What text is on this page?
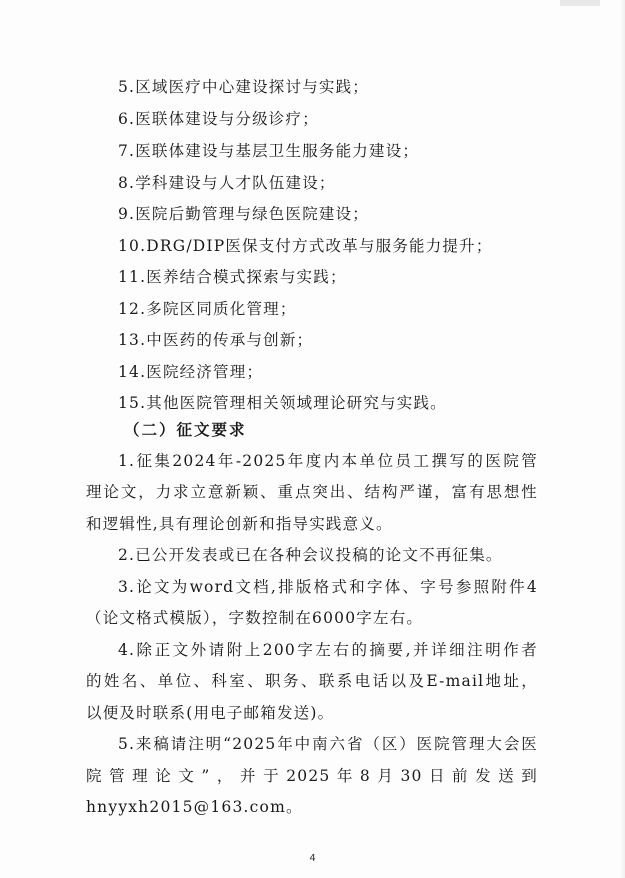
5.区域医疗中心建设探讨与实践；
6.医联体建设与分级诊疗；
7.医联体建设与基层卫生服务能力建设；
8.学科建设与人才队伍建设；
9.医院后勤管理与绿色医院建设；
10.DRG/DIP医保支付方式改革与服务能力提升；
11.医养结合模式探索与实践；
12.多院区同质化管理；
13.中医药的传承与创新；
14.医院经济管理；
15.其他医院管理相关领域理论研究与实践。
（二）征文要求
1.征集2024年-2025年度内本单位员工撰写的医院管
理论文，力求立意新颖、重点突出、结构严谨，富有思想性
和逻辑性,具有理论创新和指导实践意义。
2.已公开发表或已在各种会议投稿的论文不再征集。
3.论文为word文档,排版格式和字体、字号参照附件4
（论文格式模版），字数控制在6000字左右。
4.除正文外请附上200字左右的摘要,并详细注明作者
的姓名、单位、科室、职务、联系电话以及E-mail地址，
以便及时联系(用电子邮箱发送)。
5.来稿请注明“2025年中南六省（区）医院管理大会医
院管理论文”，并于2025年8月30日前发送到
hnyyxh2015@163.com。
4
